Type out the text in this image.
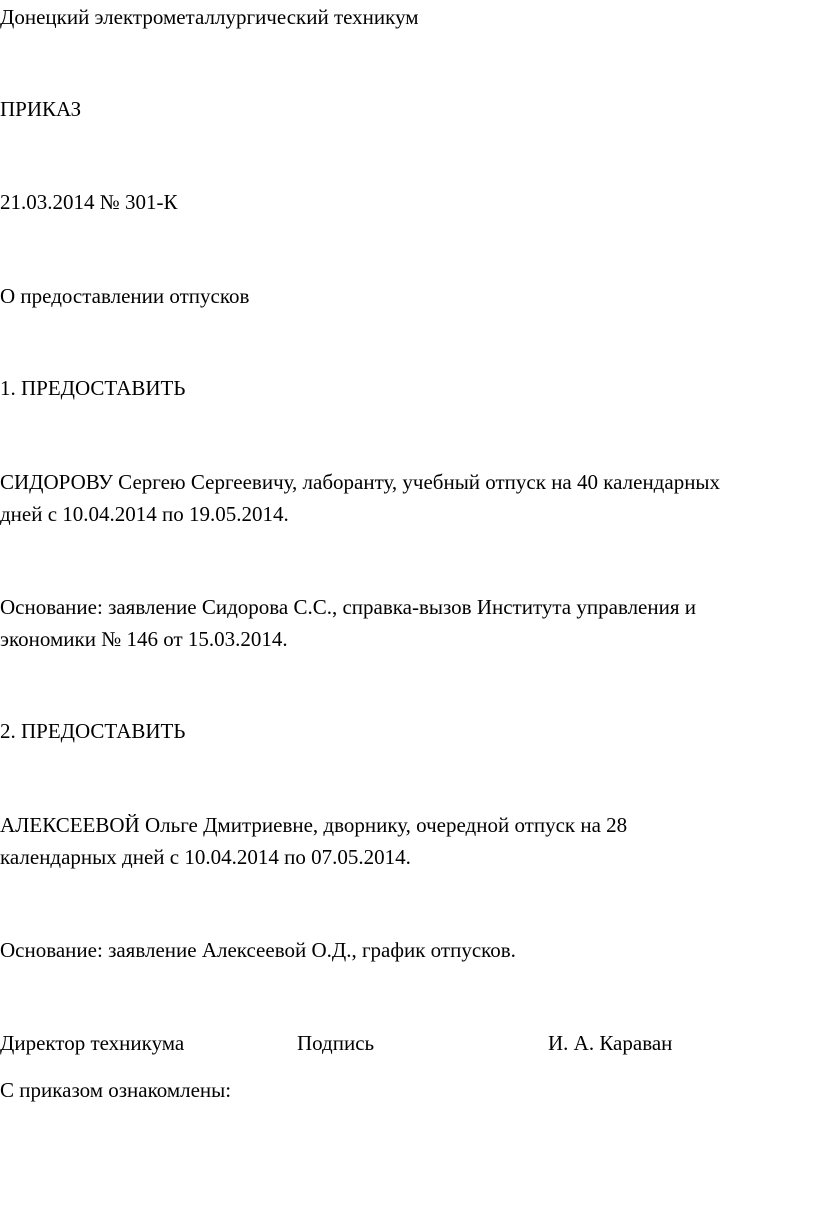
Донецкий электрометаллургический техникум
ПРИКАЗ
21.03.2014 № 301-К
О предоставлении отпусков
1. ПРЕДОСТАВИТЬ
СИДОРОВУ Сергею Сергеевичу, лаборанту, учебный отпуск на 40 календарных
дней с 10.04.2014 по 19.05.2014.
Основание: заявление Сидорова С.С., справка-вызов Института управления и
экономики № 146 от 15.03.2014.
2. ПРЕДОСТАВИТЬ
АЛЕКСЕЕВОЙ Ольге Дмитриевне, дворнику, очередной отпуск на 28
календарных дней с 10.04.2014 по 07.05.2014.
Основание: заявление Алексеевой О.Д., график отпусков.
Директор техникума	Подпись	И. А. Караван
С приказом ознакомлены:
